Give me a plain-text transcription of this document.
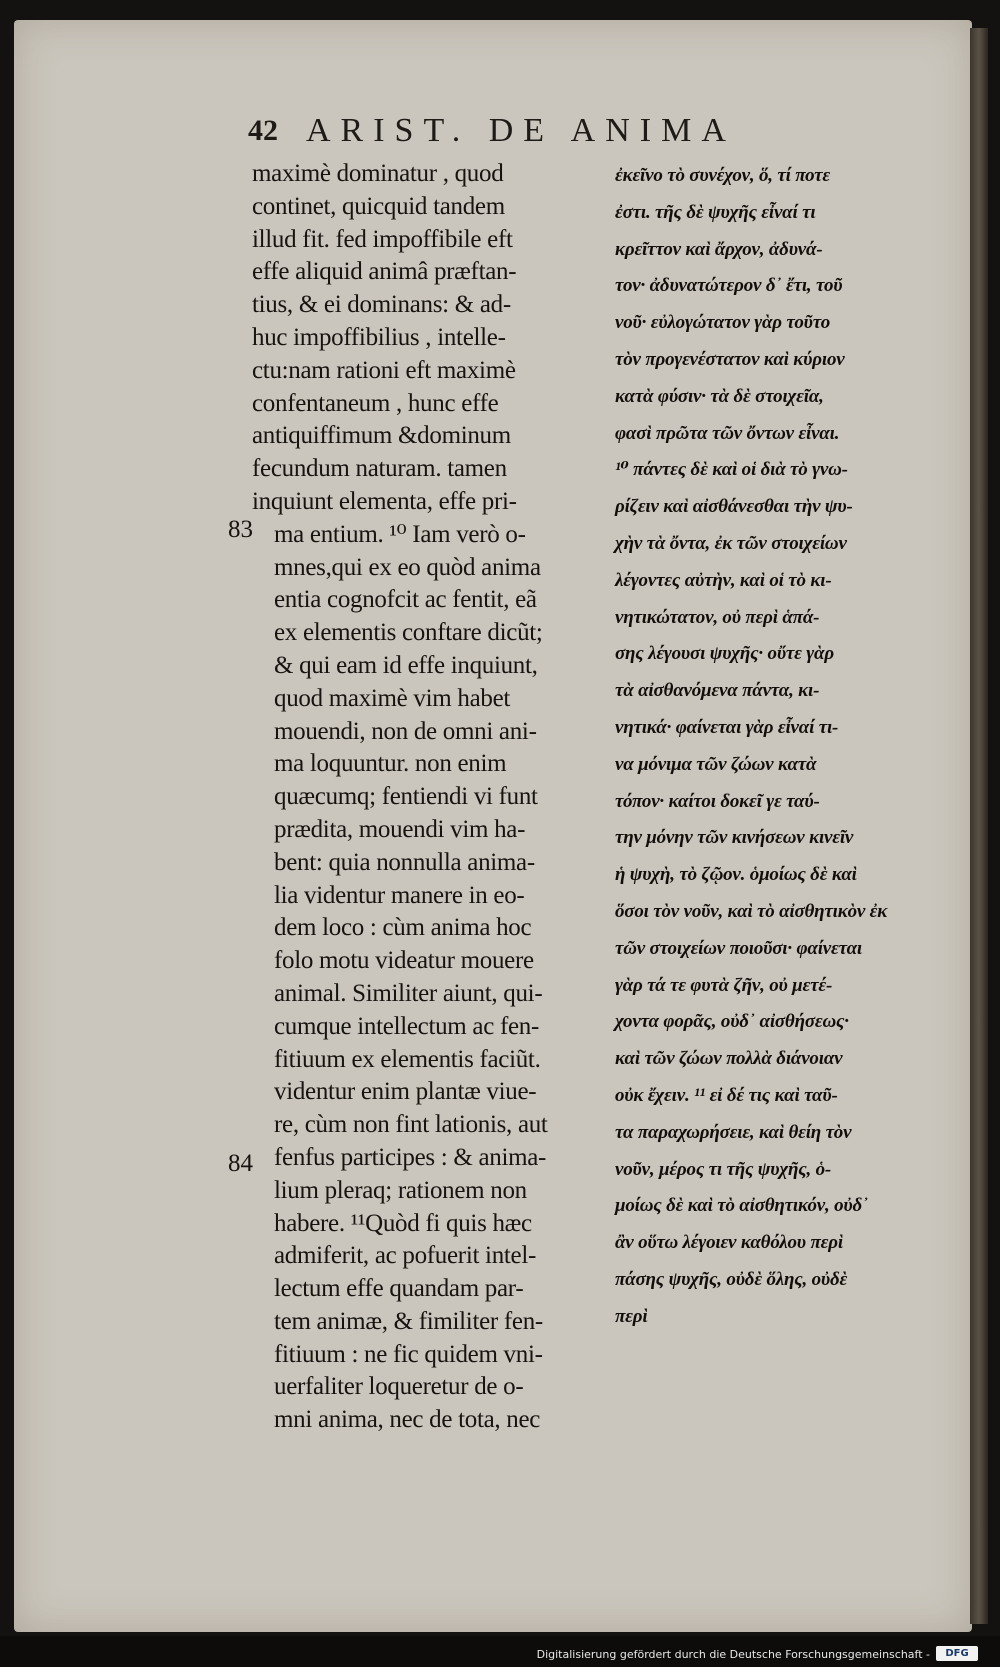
42 ARIST. DE ANIMA
83
84
maximè dominatur , quod
continet, quicquid tandem
illud fit. fed impoffibile eft
effe aliquid animâ præftan-
tius, & ei dominans: & ad-
huc impoffibilius , intelle-
ctu:nam rationi eft maximè
confentaneum , hunc effe
antiquiffimum &dominum
fecundum naturam. tamen
inquiunt elementa, effe pri-
ma entium. ¹⁰ Iam verò o-
mnes,qui ex eo quòd anima
entia cognofcit ac fentit, eã
ex elementis conftare dicũt;
& qui eam id effe inquiunt,
quod maximè vim habet
mouendi, non de omni ani-
ma loquuntur. non enim
quæcumq; fentiendi vi funt
prædita, mouendi vim ha-
bent: quia nonnulla anima-
lia videntur manere in eo-
dem loco : cùm anima hoc
folo motu videatur mouere
animal. Similiter aiunt, qui-
cumque intellectum ac fen-
fitiuum ex elementis faciũt.
videntur enim plantæ viue-
re, cùm non fint lationis, aut
fenfus participes : & anima-
lium pleraq; rationem non
habere. ¹¹Quòd fi quis hæc
admiferit, ac pofuerit intel-
lectum effe quandam par-
tem animæ, & fimiliter fen-
fitiuum : ne fic quidem vni-
uerfaliter loqueretur de o-
mni anima, nec de tota, nec
ἐκεῖνο τὸ συνέχον, ὅ, τί ποτε
ἐστι. τῆς δὲ ψυχῆς εἶναί τι
κρεῖττον καὶ ἄρχον, ἀδυνά-
τον· ἀδυνατώτερον δ᾽ ἔτι, τοῦ
νοῦ· εὐλογώτατον γὰρ τοῦτο
τὸν προγενέστατον καὶ κύριον
κατὰ φύσιν· τὰ δὲ στοιχεῖα,
φασὶ πρῶτα τῶν ὄντων εἶναι.
¹⁰ πάντες δὲ καὶ οἱ διὰ τὸ γνω-
ρίζειν καὶ αἰσθάνεσθαι τὴν ψυ-
χὴν τὰ ὄντα, ἐκ τῶν στοιχείων
λέγοντες αὐτὴν, καὶ οἱ τὸ κι-
νητικώτατον, οὐ περὶ ἁπά-
σης λέγουσι ψυχῆς· οὔτε γὰρ
τὰ αἰσθανόμενα πάντα, κι-
νητικά· φαίνεται γὰρ εἶναί τι-
να μόνιμα τῶν ζώων κατὰ
τόπον· καίτοι δοκεῖ γε ταύ-
την μόνην τῶν κινήσεων κινεῖν
ἡ ψυχὴ, τὸ ζῷον. ὁμοίως δὲ καὶ
ὅσοι τὸν νοῦν, καὶ τὸ αἰσθητικὸν ἐκ
τῶν στοιχείων ποιοῦσι· φαίνεται
γὰρ τά τε φυτὰ ζῆν, οὐ μετέ-
χοντα φορᾶς, οὐδ᾽ αἰσθήσεως·
καὶ τῶν ζώων πολλὰ διάνοιαν
οὐκ ἔχειν. ¹¹ εἰ δέ τις καὶ ταῦ-
τα παραχωρήσειε, καὶ θείη τὸν
νοῦν, μέρος τι τῆς ψυχῆς, ὁ-
μοίως δὲ καὶ τὸ αἰσθητικόν, οὐδ᾽
ἂν οὕτω λέγοιεν καθόλου περὶ
πάσης ψυχῆς, οὐδὲ ὅλης, οὐδὲ
περὶ
Digitalisierung gefördert durch die Deutsche Forschungsgemeinschaft -	DFG
